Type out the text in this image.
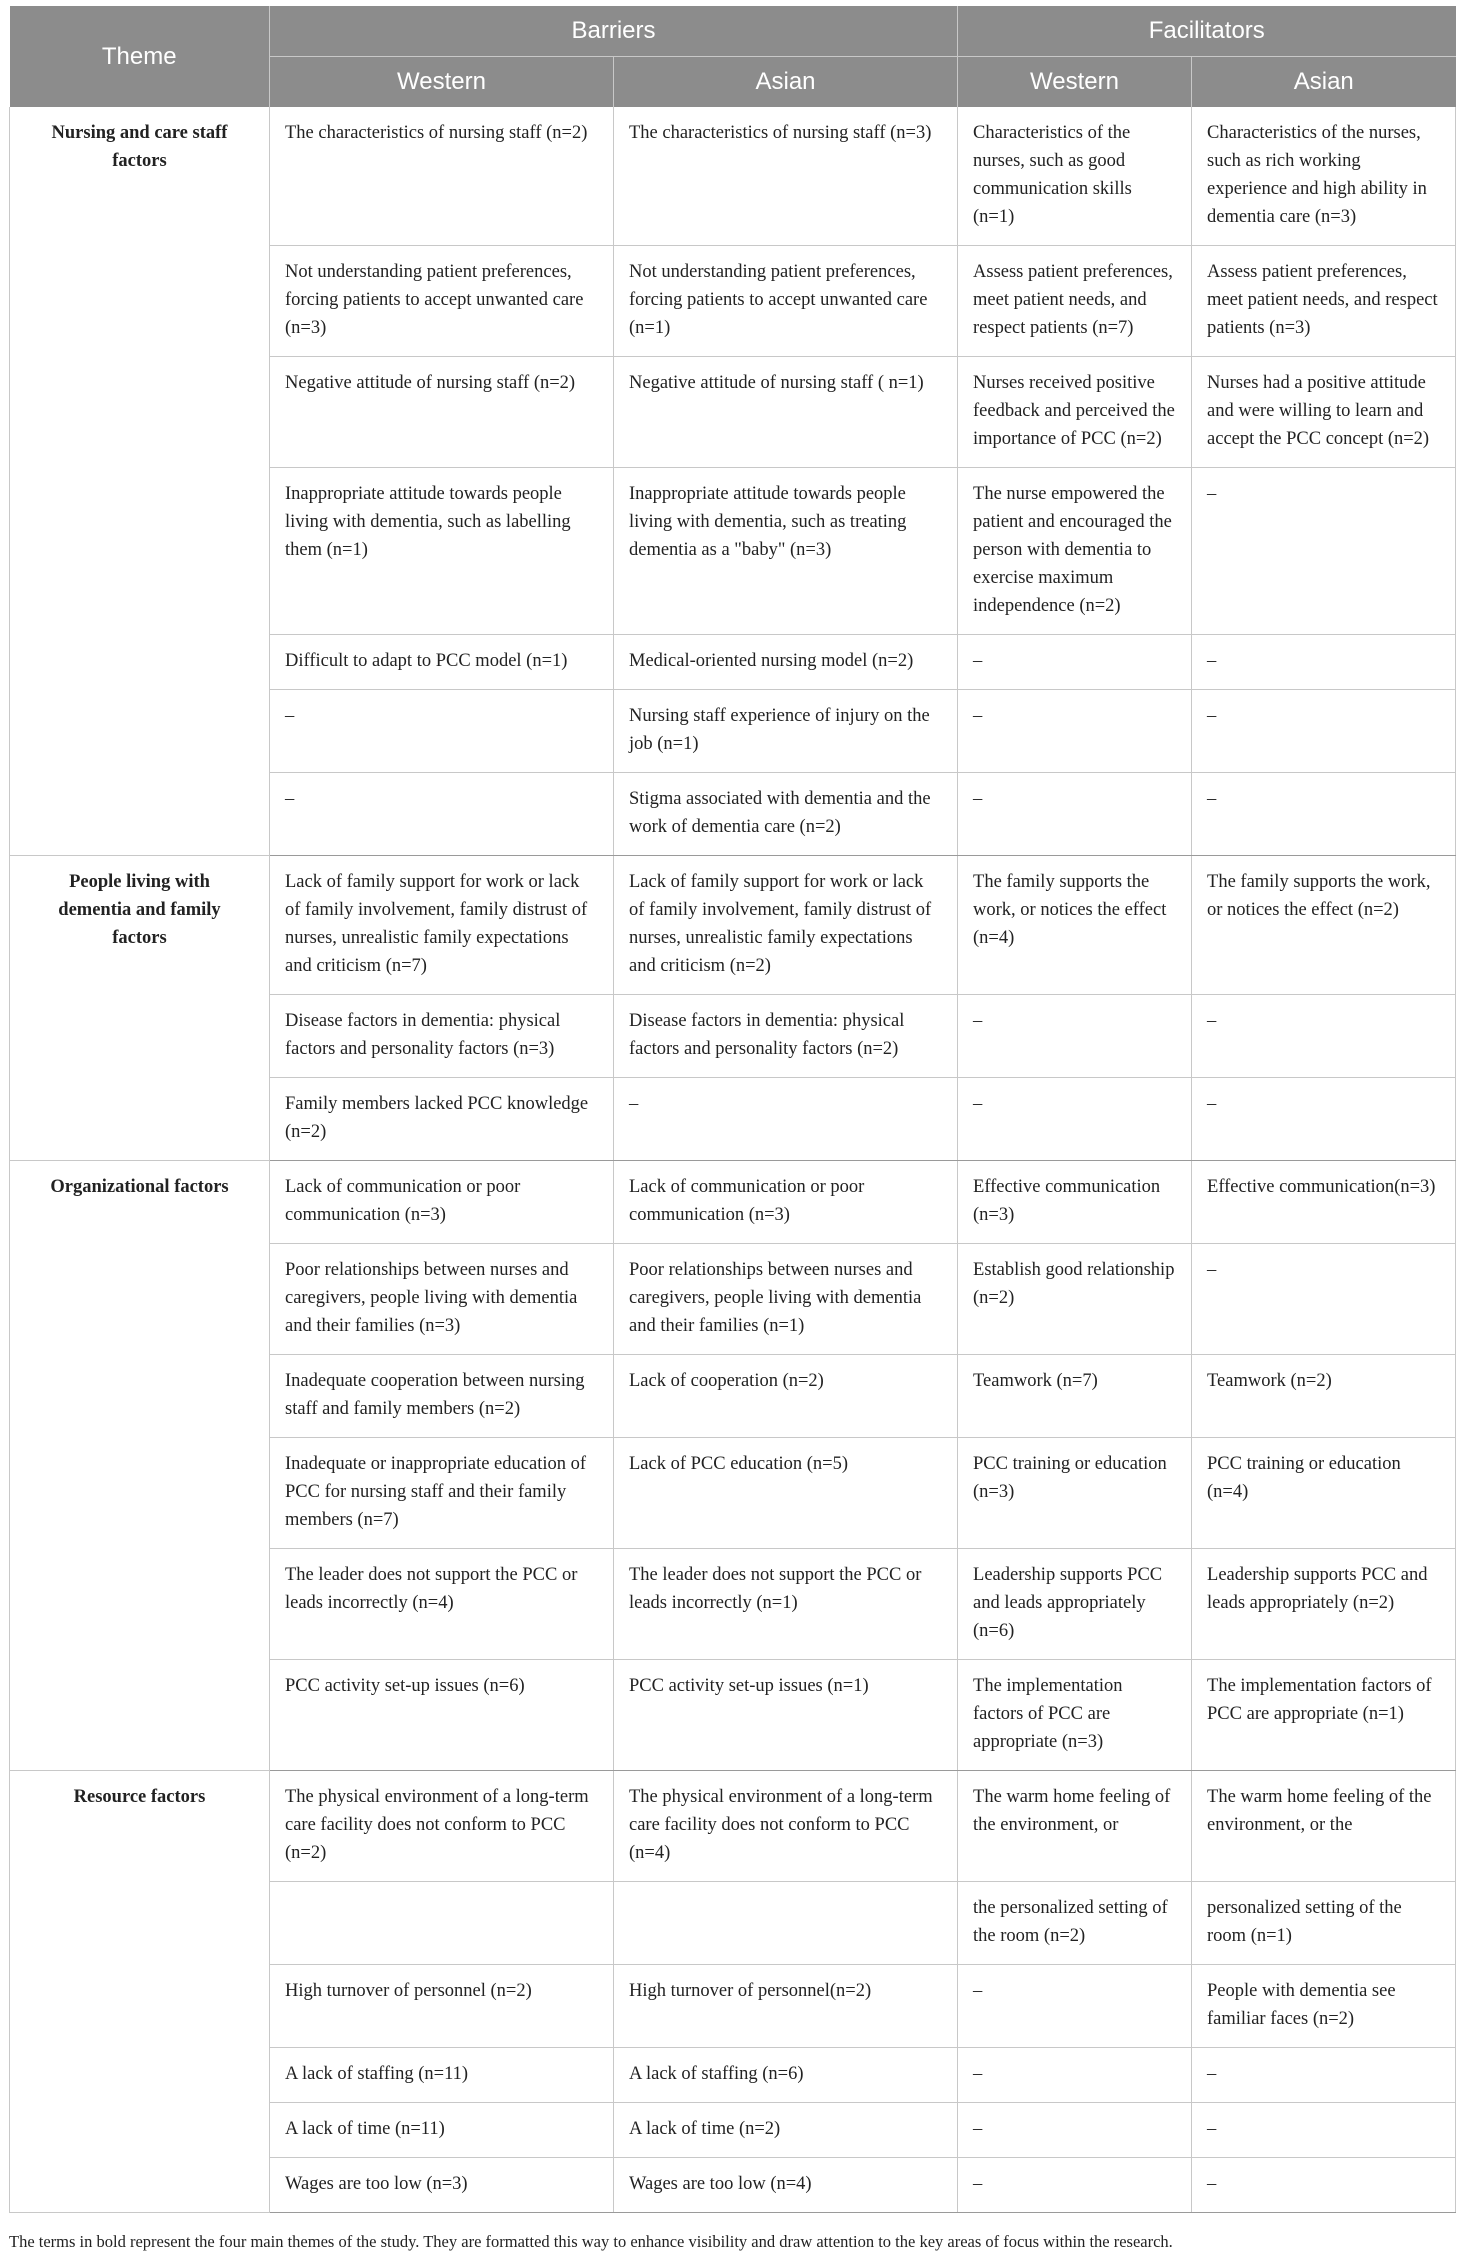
Theme	Barriers		Facilitators	
	Western	Asian	Western	Asian
Nursing and care staff factors	The characteristics of nursing staff (n=2)	The characteristics of nursing staff (n=3)	Characteristics of the nurses, such as good communication skills (n=1)	Characteristics of the nurses, such as rich working experience and high ability in dementia care (n=3)
	Not understanding patient preferences, forcing patients to accept unwanted care (n=3)	Not understanding patient preferences, forcing patients to accept unwanted care (n=1)	Assess patient preferences, meet patient needs, and respect patients (n=7)	Assess patient preferences, meet patient needs, and respect patients (n=3)
	Negative attitude of nursing staff (n=2)	Negative attitude of nursing staff ( n=1)	Nurses received positive feedback and perceived the importance of PCC (n=2)	Nurses had a positive attitude and were willing to learn and accept the PCC concept (n=2)
	Inappropriate attitude towards people living with dementia, such as labelling them (n=1)	Inappropriate attitude towards people living with dementia, such as treating dementia as a "baby" (n=3)	The nurse empowered the patient and encouraged the person with dementia to exercise maximum independence (n=2)	–
	Difficult to adapt to PCC model (n=1)	Medical-oriented nursing model (n=2)	–	–
	–	Nursing staff experience of injury on the job (n=1)	–	–
	–	Stigma associated with dementia and the work of dementia care (n=2)	–	–
People living with dementia and family factors	Lack of family support for work or lack of family involvement, family distrust of nurses, unrealistic family expectations and criticism (n=7)	Lack of family support for work or lack of family involvement, family distrust of nurses, unrealistic family expectations and criticism (n=2)	The family supports the work, or notices the effect (n=4)	The family supports the work, or notices the effect (n=2)
	Disease factors in dementia: physical factors and personality factors (n=3)	Disease factors in dementia: physical factors and personality factors (n=2)	–	–
	Family members lacked PCC knowledge (n=2)	–	–	–
Organizational factors	Lack of communication or poor communication (n=3)	Lack of communication or poor communication (n=3)	Effective communication (n=3)	Effective communication(n=3)
	Poor relationships between nurses and caregivers, people living with dementia and their families (n=3)	Poor relationships between nurses and caregivers, people living with dementia and their families (n=1)	Establish good relationship (n=2)	–
	Inadequate cooperation between nursing staff and family members (n=2)	Lack of cooperation (n=2)	Teamwork (n=7)	Teamwork (n=2)
	Inadequate or inappropriate education of PCC for nursing staff and their family members (n=7)	Lack of PCC education (n=5)	PCC training or education (n=3)	PCC training or education (n=4)
	The leader does not support the PCC or leads incorrectly (n=4)	The leader does not support the PCC or leads incorrectly (n=1)	Leadership supports PCC and leads appropriately (n=6)	Leadership supports PCC and leads appropriately (n=2)
	PCC activity set-up issues (n=6)	PCC activity set-up issues (n=1)	The implementation factors of PCC are appropriate (n=3)	The implementation factors of PCC are appropriate (n=1)
Resource factors	The physical environment of a long-term care facility does not conform to PCC (n=2)	The physical environment of a long-term care facility does not conform to PCC (n=4)	The warm home feeling of the environment, or	The warm home feeling of the environment, or the
			the personalized setting of the room (n=2)	personalized setting of the room (n=1)
	High turnover of personnel (n=2)	High turnover of personnel(n=2)	–	People with dementia see familiar faces (n=2)
	A lack of staffing (n=11)	A lack of staffing (n=6)	–	–
	A lack of time (n=11)	A lack of time (n=2)	–	–
	Wages are too low (n=3)	Wages are too low (n=4)	–	–
The terms in bold represent the four main themes of the study. They are formatted this way to enhance visibility and draw attention to the key areas of focus within the research.
